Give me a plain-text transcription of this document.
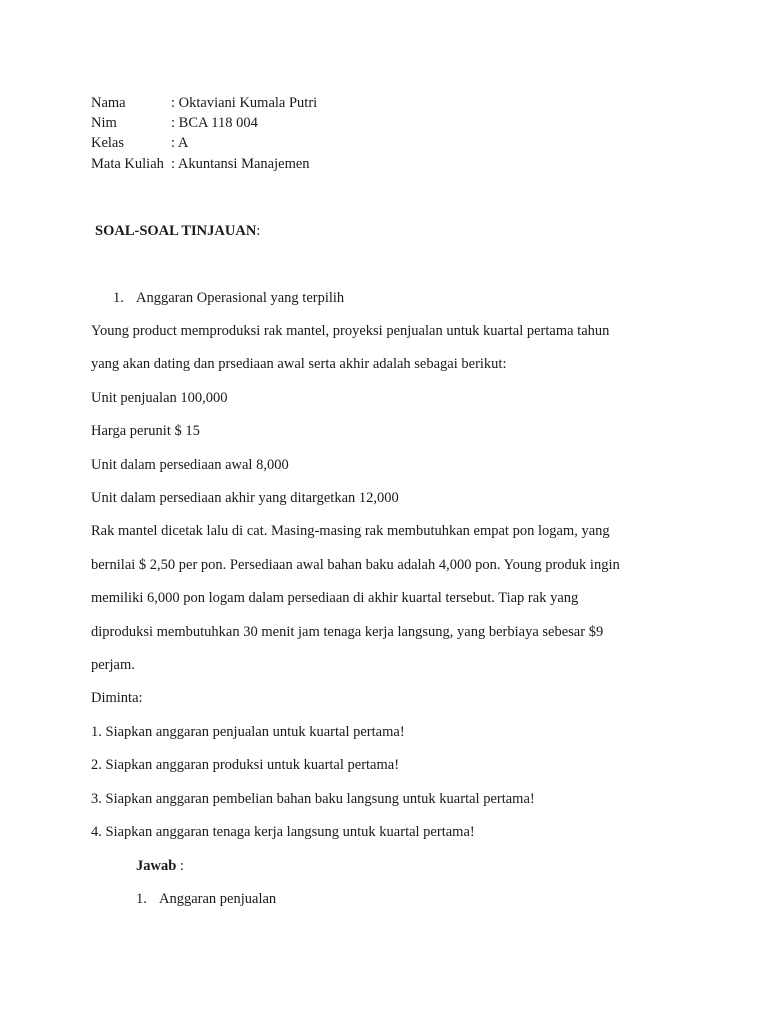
Nama	: Oktaviani Kumala Putri
Nim	: BCA 118 004
Kelas	: A
Mata Kuliah : Akuntansi Manajemen
SOAL-SOAL TINJAUAN:
1. Anggaran Operasional yang terpilih
Young product memproduksi rak mantel, proyeksi penjualan untuk kuartal pertama tahun
yang akan dating dan prsediaan awal serta akhir adalah sebagai berikut:
Unit penjualan 100,000
Harga perunit $ 15
Unit dalam persediaan awal 8,000
Unit dalam persediaan akhir yang ditargetkan 12,000
Rak mantel dicetak lalu di cat. Masing-masing rak membutuhkan empat pon logam, yang
bernilai $ 2,50 per pon. Persediaan awal bahan baku adalah 4,000 pon. Young produk ingin
memiliki 6,000 pon logam dalam persediaan di akhir kuartal tersebut. Tiap rak yang
diproduksi membutuhkan 30 menit jam tenaga kerja langsung, yang berbiaya sebesar $9
perjam.
Diminta:
1. Siapkan anggaran penjualan untuk kuartal pertama!
2. Siapkan anggaran produksi untuk kuartal pertama!
3. Siapkan anggaran pembelian bahan baku langsung untuk kuartal pertama!
4. Siapkan anggaran tenaga kerja langsung untuk kuartal pertama!
Jawab :
1. Anggaran penjualan
